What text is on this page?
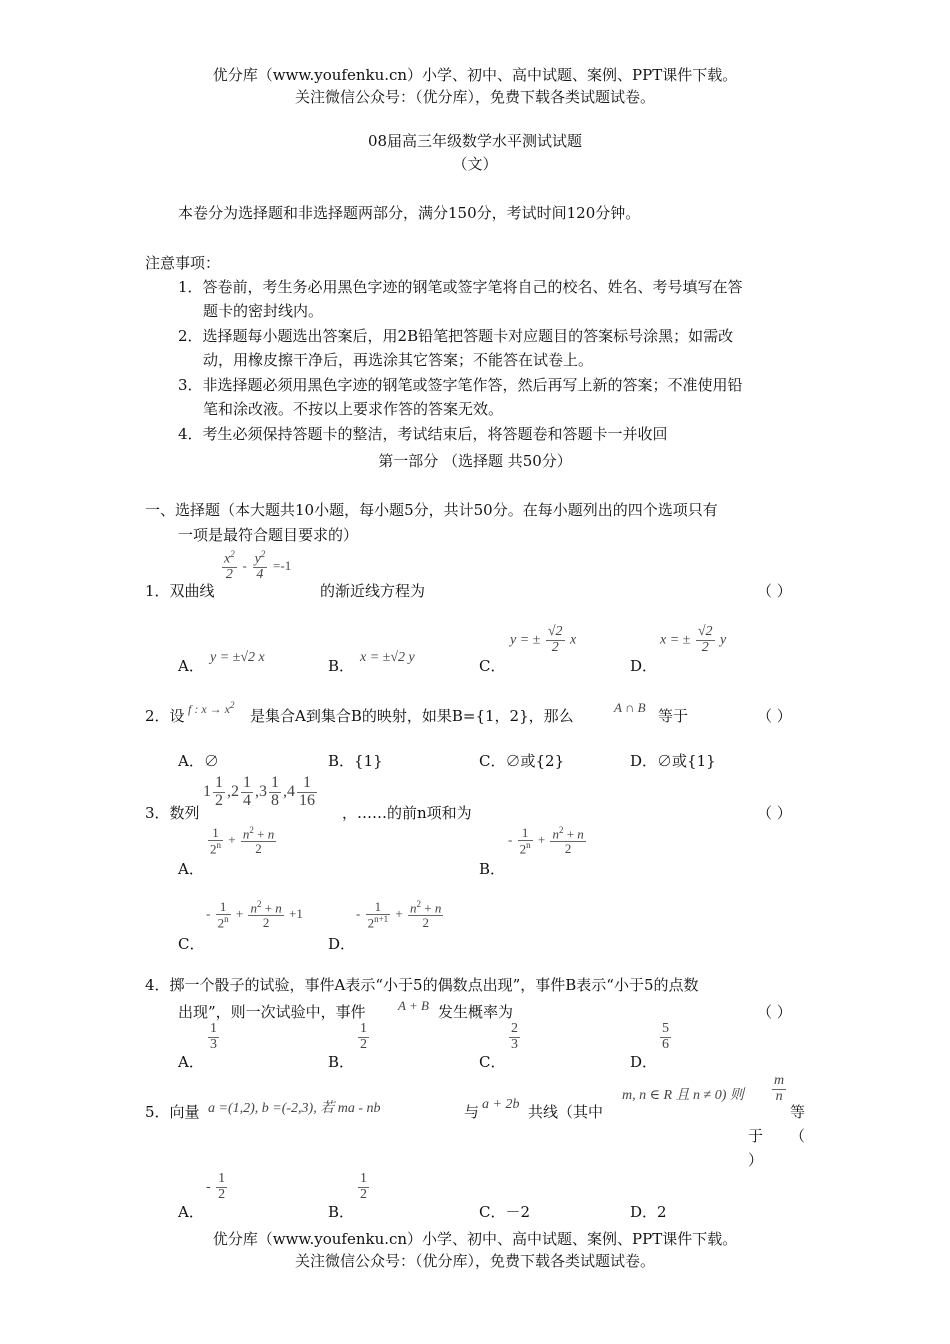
优分库（www.youfenku.cn）小学、初中、高中试题、案例、PPT课件下载。
关注微信公众号：（优分库），免费下载各类试题试卷。
08届高三年级数学水平测试试题
（文）
本卷分为选择题和非选择题两部分，满分150分，考试时间120分钟。
注意事项：
1．答卷前，考生务必用黑色字迹的钢笔或签字笔将自己的校名、姓名、考号填写在答
题卡的密封线内。
2．选择题每小题选出答案后，用2B铅笔把答题卡对应题目的答案标号涂黑；如需改
动，用橡皮擦干净后，再选涂其它答案；不能答在试卷上。
3．非选择题必须用黑色字迹的钢笔或签字笔作答，然后再写上新的答案；不准使用铅
笔和涂改液。不按以上要求作答的答案无效。
4．考生必须保持答题卡的整洁，考试结束后，将答题卷和答题卡一并收回
第一部分 （选择题 共50分）
一、选择题（本大题共10小题，每小题5分，共计50分。在每小题列出的四个选项只有
一项是最符合题目要求的）
1．双曲线
$\frac{x^2}{2} - \frac{y^2}{4} =-1$
的渐近线方程为	（ ）
A． y = ±√2 x	B． x = ±√2 y	C．
y = ± $\frac{√2}{2}$ x
D．
x = ± $\frac{√2}{2}$ y
2．设 f : $x \to x^2$
是集合A到集合B的映射，如果B={1，2}，那么	A ∩ B 等于	（ ）
A．∅	B．{1}	C．∅或{2}	D．∅或{1}
3．数列
$1 \frac{1}{2} ,2 \frac{1}{4} ,3 \frac{1}{8} ,4 \frac{1}{16}$
，……的前n项和为	（ ）
A．
$\frac{1}{2^n} + \frac{n^2 + n}{2}$
B．
- $\frac{1}{2^n} + \frac{n^2 + n}{2}$
C．
- $\frac{1}{2^n} + \frac{n^2 + n}{2} +1$
D．
- $\frac{1}{2^{n+1}} + \frac{n^2 + n}{2}$
4．掷一个骰子的试验，事件A表示“小于5的偶数点出现”，事件B表示“小于5的点数
出现”，则一次试验中，事件 A + B 发生概率为	（ ）
A．
$\frac{1}{3}$
B．
$\frac{1}{2}$
C．
$\frac{2}{3}$
D．
$\frac{5}{6}$
5．向量 a =(1,2), b =(-2,3), 若 ma - nb	与 a + 2b 共线（其中
m, n ∈ R 且 n ≠ 0) 则 $\frac{m}{n}$
等
于 （
）
A．
- $\frac{1}{2}$
B．
$\frac{1}{2}$
C．－2	D．2
优分库（www.youfenku.cn）小学、初中、高中试题、案例、PPT课件下载。
关注微信公众号：（优分库），免费下载各类试题试卷。
